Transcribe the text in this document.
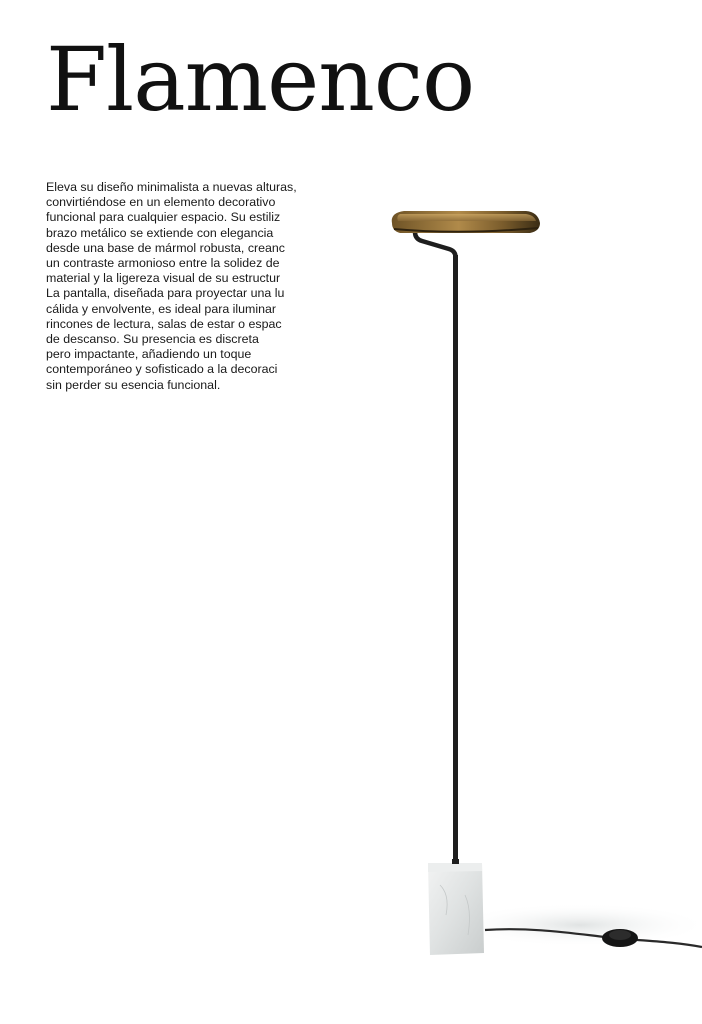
Flamenco
Eleva su diseño minimalista a nuevas alturas,
convirtiéndose en un elemento decorativo
funcional para cualquier espacio. Su estiliz
brazo metálico se extiende con elegancia
desde una base de mármol robusta, creanc
un contraste armonioso entre la solidez de
material y la ligereza visual de su estructur
La pantalla, diseñada para proyectar una lu
cálida y envolvente, es ideal para iluminar
rincones de lectura, salas de estar o espac
de descanso. Su presencia es discreta
pero impactante, añadiendo un toque
contemporáneo y sofisticado a la decoraci
sin perder su esencia funcional.
